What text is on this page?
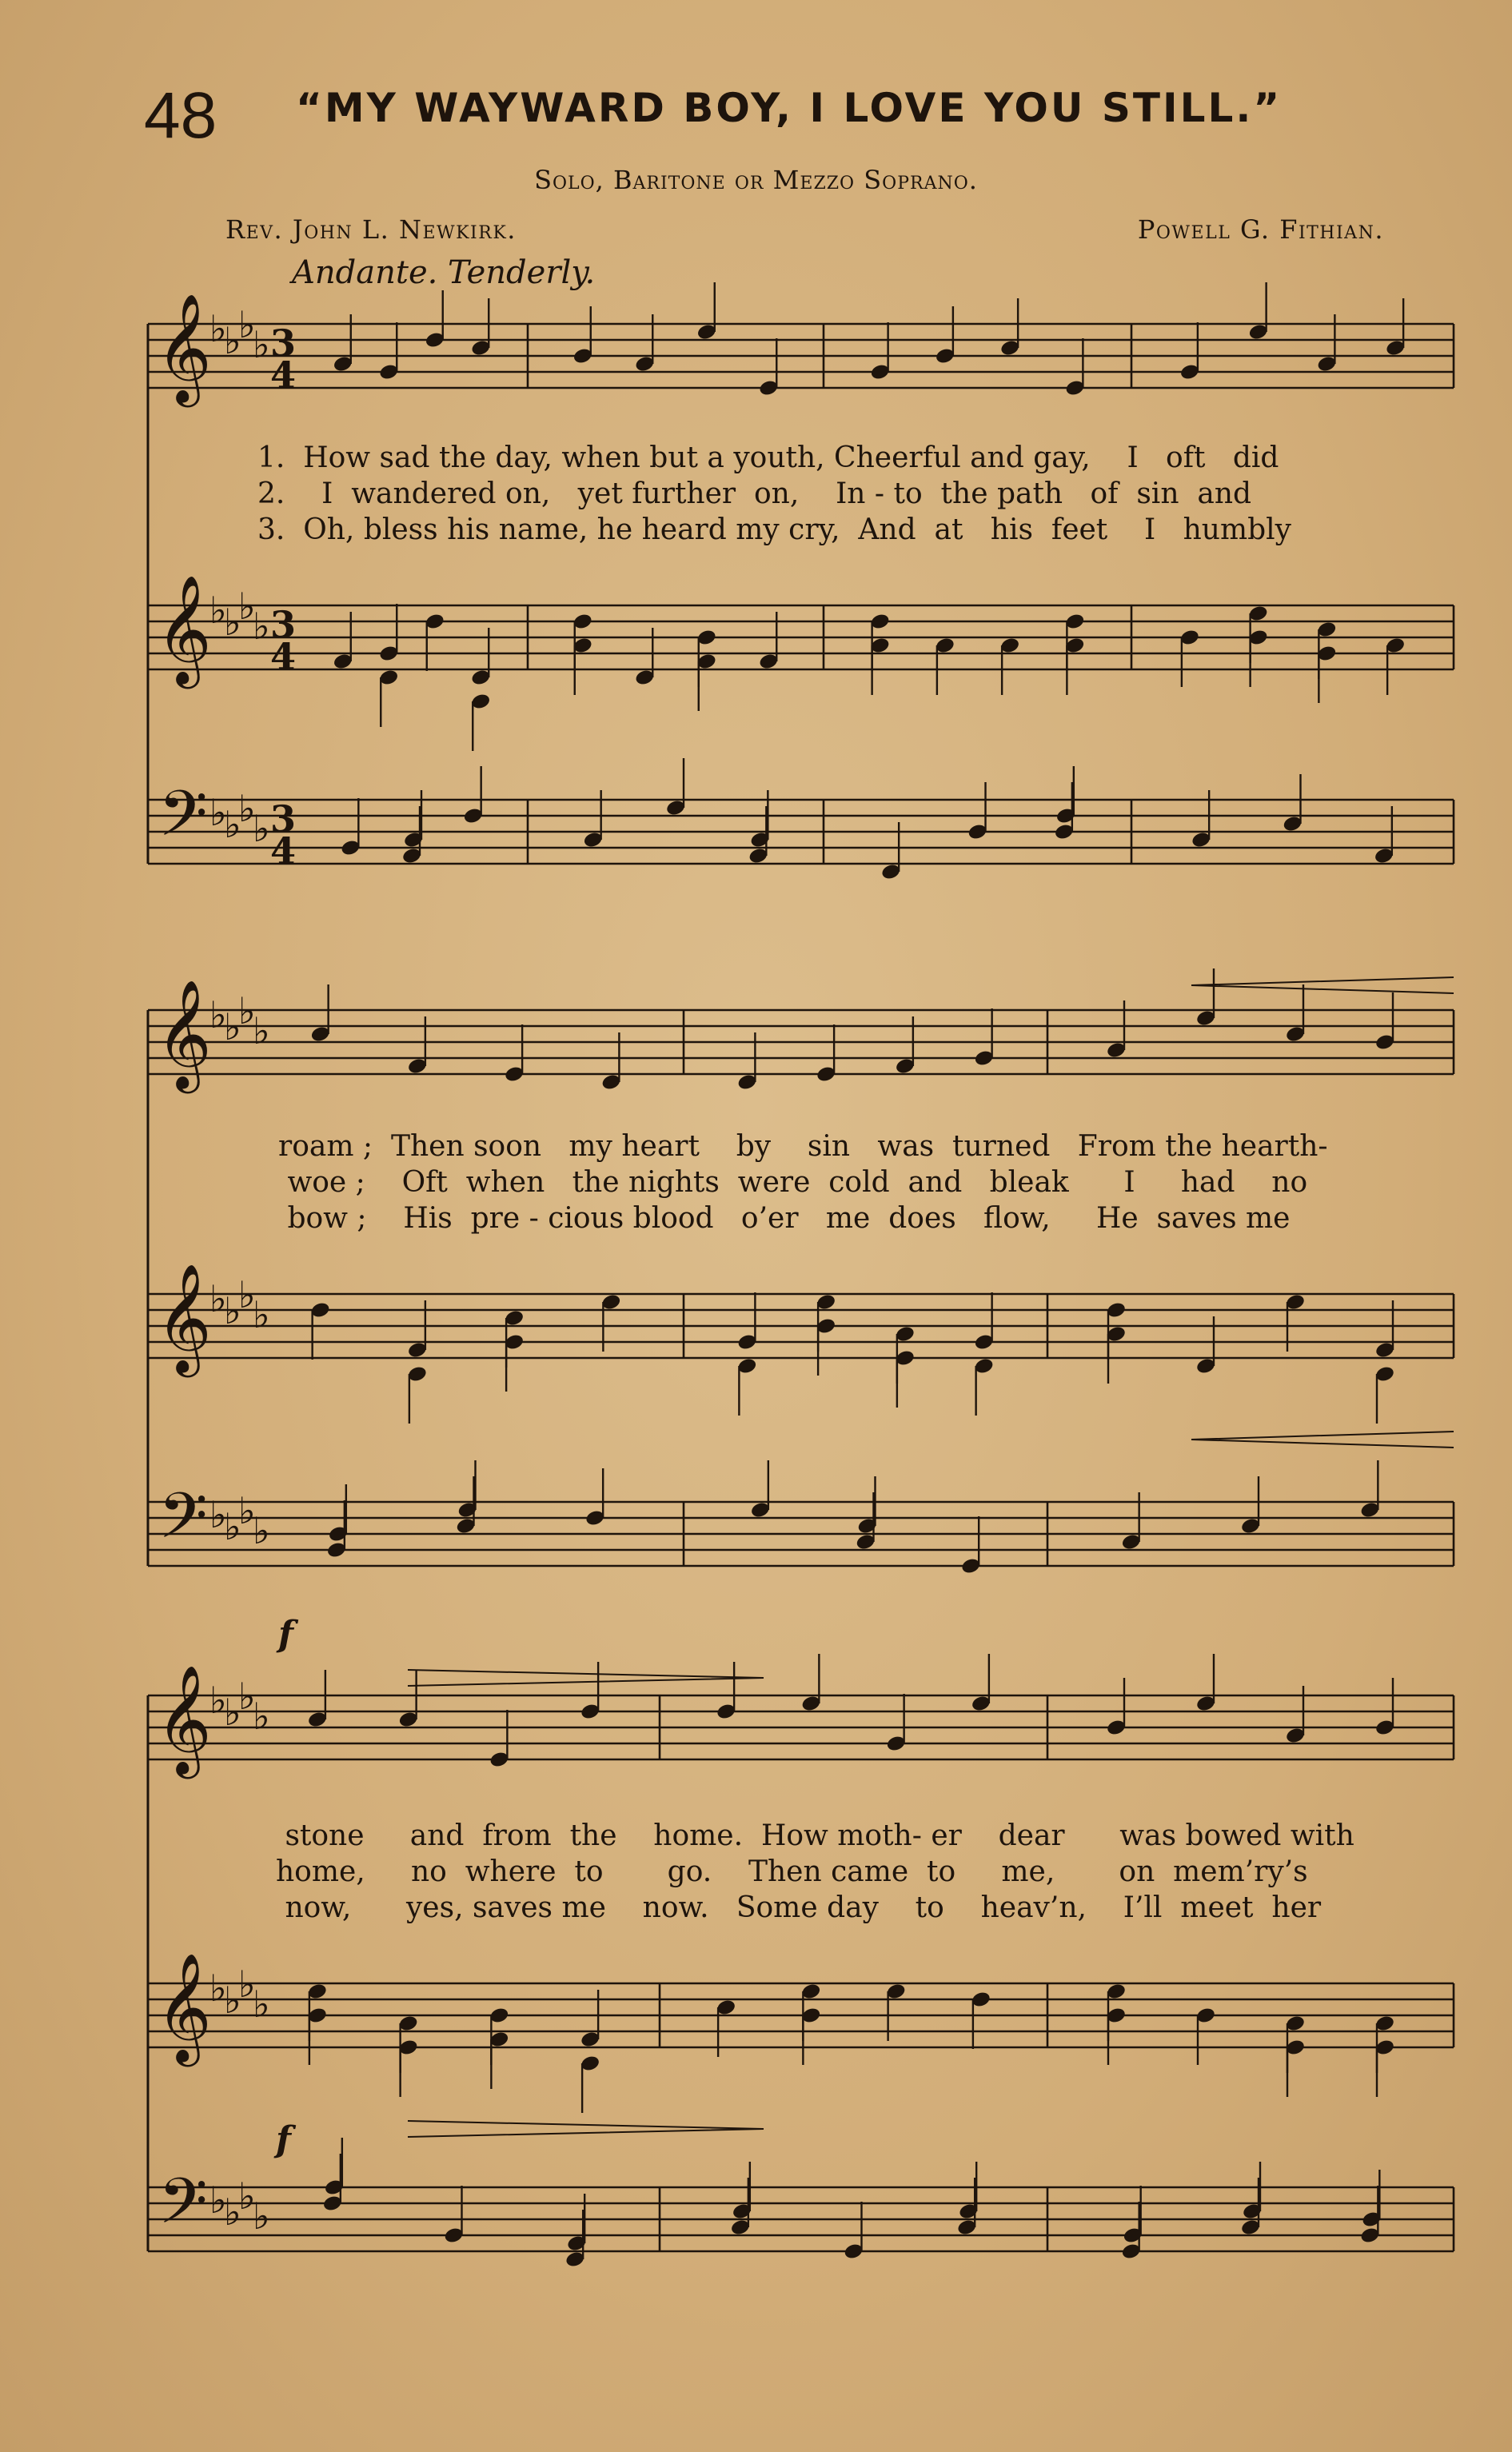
48 “MY WAYWARD BOY, I LOVE YOU STILL.”
Solo, Baritone or Mezzo Soprano.
Rev. John L. Newkirk.	Powell G. Fithian.
Andante. Tenderly.
1.  How sad the day, when but a youth, Cheerful and gay,    I   oft   did
2.    I  wandered on,   yet further  on,    In - to  the path   of  sin  and
3.  Oh, bless his name, he heard my cry,  And  at   his  feet    I   humbly
roam ;  Then soon   my heart    by    sin   was  turned   From the hearth-
woe ;    Oft  when   the nights  were  cold  and   bleak      I     had    no
bow ;    His  pre - cious blood   o’er   me  does   flow,     He  saves me
stone     and  from  the    home.  How moth- er    dear      was bowed with
home,     no  where  to       go.    Then came  to     me,       on  mem’ry’s
now,      yes, saves me    now.   Some day    to    heav’n,    I’ll  meet  her
𝄞
♭
♭
♭
♭ 3
4
𝄞
♭
♭
♭
♭ 3
4
𝄢 ♭
♭
♭
♭ 3
4
𝄞
♭
♭
♭
♭
𝄞
♭
♭
♭
♭
𝄢 ♭
♭
♭
♭
𝄞
♭
♭
♭
♭
𝄞
♭
♭
♭
♭
𝄢 ♭
♭
♭
♭
f
f
